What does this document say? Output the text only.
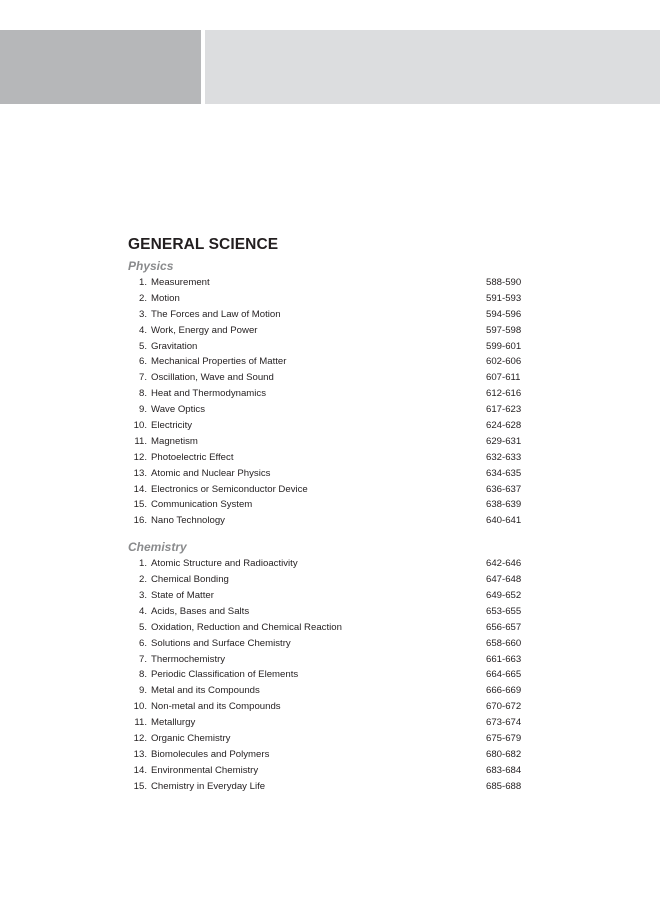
GENERAL SCIENCE
Physics
1. Measurement	588-590
2. Motion	591-593
3. The Forces and Law of Motion	594-596
4. Work, Energy and Power	597-598
5. Gravitation	599-601
6. Mechanical Properties of Matter	602-606
7. Oscillation, Wave and Sound	607-611
8. Heat and Thermodynamics	612-616
9. Wave Optics	617-623
10. Electricity	624-628
11. Magnetism	629-631
12. Photoelectric Effect	632-633
13. Atomic and Nuclear Physics	634-635
14. Electronics or Semiconductor Device	636-637
15. Communication System	638-639
16. Nano Technology	640-641
Chemistry
1. Atomic Structure and Radioactivity	642-646
2. Chemical Bonding	647-648
3. State of Matter	649-652
4. Acids, Bases and Salts	653-655
5. Oxidation, Reduction and Chemical Reaction	656-657
6. Solutions and Surface Chemistry	658-660
7. Thermochemistry	661-663
8. Periodic Classification of Elements	664-665
9. Metal and its Compounds	666-669
10. Non-metal and its Compounds	670-672
11. Metallurgy	673-674
12. Organic Chemistry	675-679
13. Biomolecules and Polymers	680-682
14. Environmental Chemistry	683-684
15. Chemistry in Everyday Life	685-688
